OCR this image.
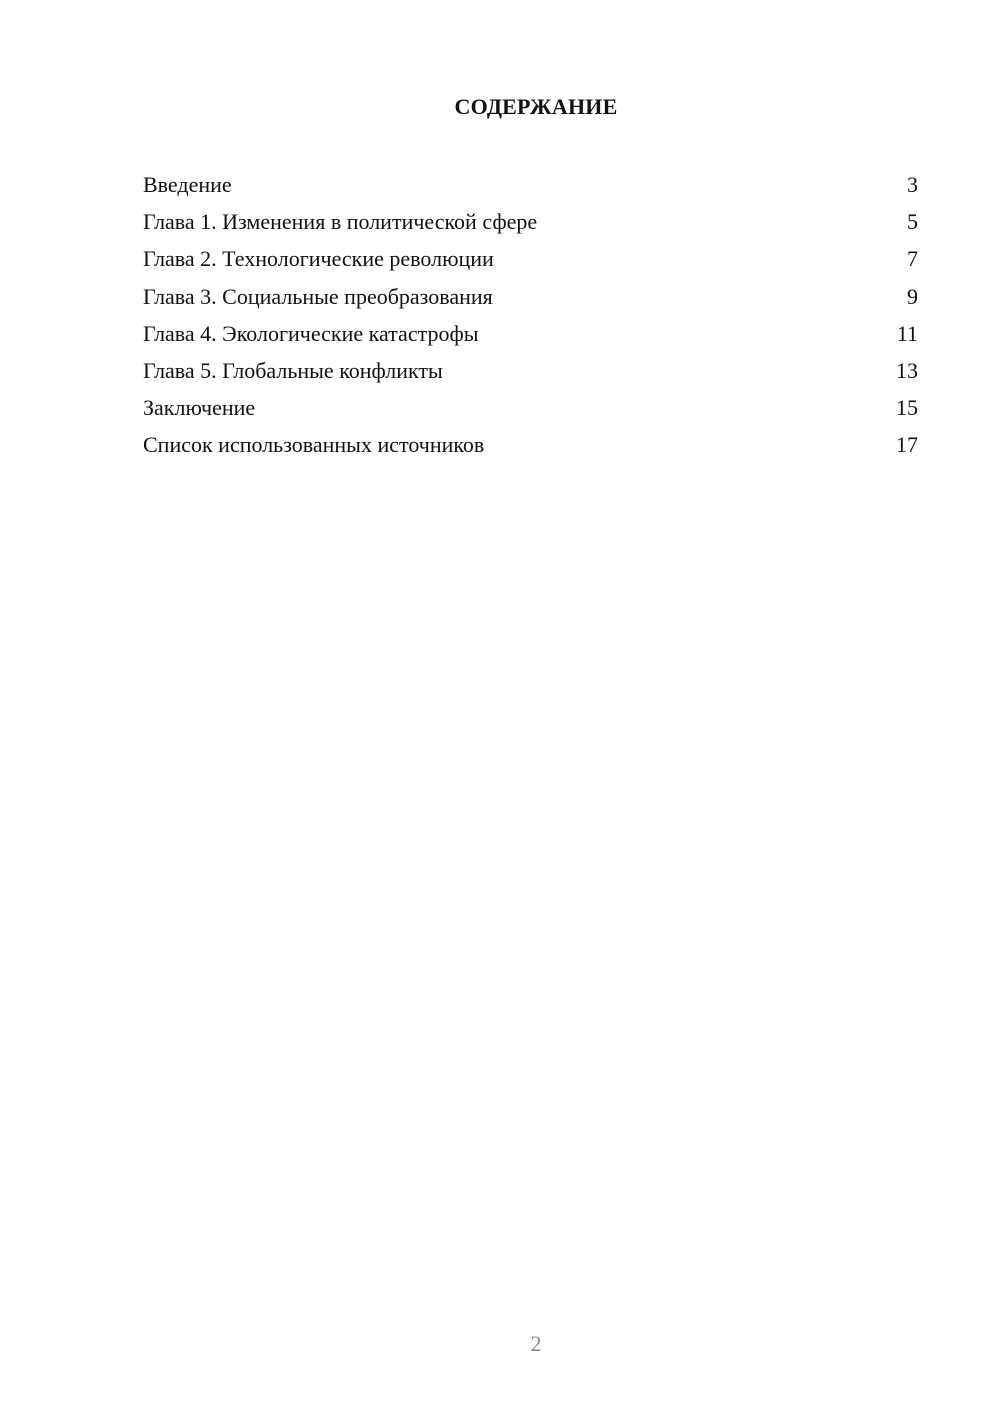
СОДЕРЖАНИЕ
Введение	3
Глава 1. Изменения в политической сфере	5
Глава 2. Технологические революции	7
Глава 3. Социальные преобразования	9
Глава 4. Экологические катастрофы	11
Глава 5. Глобальные конфликты	13
Заключение	15
Список использованных источников	17
2
